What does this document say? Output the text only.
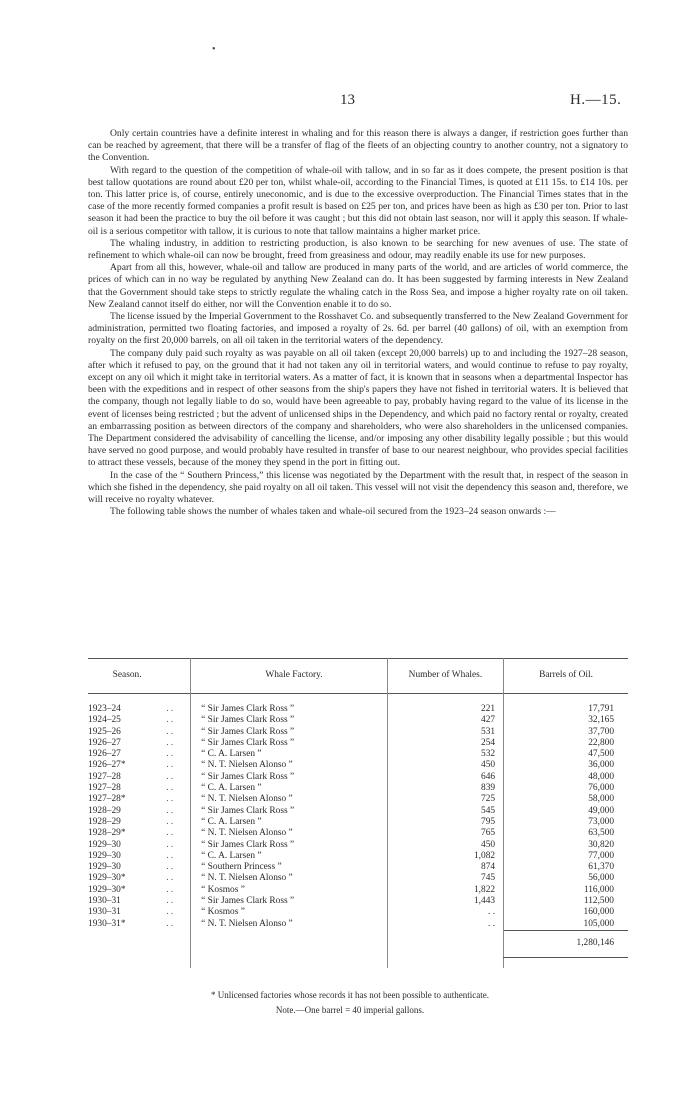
•
13	H.—15.

Only certain countries have a definite interest in whaling and for this reason there is always a danger, if restriction goes further than can be reached by agreement, that there will be a transfer of flag of the fleets of an objecting country to another country, not a signatory to the Convention.

With regard to the question of the competition of whale-oil with tallow, and in so far as it does compete, the present position is that best tallow quotations are round about £20 per ton, whilst whale-oil, according to the Financial Times, is quoted at £11 15s. to £14 10s. per ton. This latter price is, of course, entirely uneconomic, and is due to the excessive overproduction. The Financial Times states that in the case of the more recently formed companies a profit result is based on £25 per ton, and prices have been as high as £30 per ton. Prior to last season it had been the practice to buy the oil before it was caught ; but this did not obtain last season, nor will it apply this season. If whale-oil is a serious competitor with tallow, it is curious to note that tallow maintains a higher market price.

The whaling industry, in addition to restricting production, is also known to be searching for new avenues of use. The state of refinement to which whale-oil can now be brought, freed from greasiness and odour, may readily enable its use for new purposes.

Apart from all this, however, whale-oil and tallow are produced in many parts of the world, and are articles of world commerce, the prices of which can in no way be regulated by anything New Zealand can do. It has been suggested by farming interests in New Zealand that the Government should take steps to strictly regulate the whaling catch in the Ross Sea, and impose a higher royalty rate on oil taken. New Zealand cannot itself do either, nor will the Convention enable it to do so.

The license issued by the Imperial Government to the Rosshavet Co. and subsequently transferred to the New Zealand Government for administration, permitted two floating factories, and imposed a royalty of 2s. 6d. per barrel (40 gallons) of oil, with an exemption from royalty on the first 20,000 barrels, on all oil taken in the territorial waters of the dependency.

The company duly paid such royalty as was payable on all oil taken (except 20,000 barrels) up to and including the 1927–28 season, after which it refused to pay, on the ground that it had not taken any oil in territorial waters, and would continue to refuse to pay royalty, except on any oil which it might take in territorial waters. As a matter of fact, it is known that in seasons when a departmental Inspector has been with the expeditions and in respect of other seasons from the ship's papers they have not fished in territorial waters. It is believed that the company, though not legally liable to do so, would have been agreeable to pay, probably having regard to the value of its license in the event of licenses being restricted ; but the advent of unlicensed ships in the Dependency, and which paid no factory rental or royalty, created an embarrassing position as between directors of the company and shareholders, who were also shareholders in the unlicensed companies. The Department considered the advisability of cancelling the license, and/or imposing any other disability legally possible ; but this would have served no good purpose, and would probably have resulted in transfer of base to our nearest neighbour, who provides special facilities to attract these vessels, because of the money they spend in the port in fitting out.

In the case of the “ Southern Princess,” this license was negotiated by the Department with the result that, in respect of the season in which she fished in the dependency, she paid royalty on all oil taken. This vessel will not visit the dependency this season and, therefore, we will receive no royalty whatever.

The following table shows the number of whales taken and whale-oil secured from the 1923–24 season onwards :—

Season.		Whale Factory.	Number of Whales.	Barrels of Oil.

1923–24	. .	“ Sir James Clark Ross ”	221	17,791
1924–25	. .	“ Sir James Clark Ross ”	427	32,165
1925–26	. .	“ Sir James Clark Ross ”	531	37,700
1926–27	. .	“ Sir James Clark Ross ”	254	22,800
1926–27	. .	“ C. A. Larsen ”	532	47,500
1926–27*	. .	“ N. T. Nielsen Alonso ”	450	36,000
1927–28	. .	“ Sir James Clark Ross ”	646	48,000
1927–28	. .	“ C. A. Larsen ”	839	76,000
1927–28*	. .	“ N. T. Nielsen Alonso ”	725	58,000
1928–29	. .	“ Sir James Clark Ross ”	545	49,000
1928–29	. .	“ C. A. Larsen ”	795	73,000
1928–29*	. .	“ N. T. Nielsen Alonso ”	765	63,500
1929–30	. .	“ Sir James Clark Ross ”	450	30,820
1929–30	. .	“ C. A. Larsen ”	1,082	77,000
1929–30	. .	“ Southern Princess ”	874	61,370
1929–30*	. .	“ N. T. Nielsen Alonso ”	745	56,000
1929–30*	. .	“ Kosmos ”	1,822	116,000
1930–31	. .	“ Sir James Clark Ross ”	1,443	112,500
1930–31	. .	“ Kosmos ”	. .	160,000
1930–31*	. .	“ N. T. Nielsen Alonso ”	. .	105,000
				1,280,146

* Unlicensed factories whose records it has not been possible to authenticate.
Note.—One barrel = 40 imperial gallons.
